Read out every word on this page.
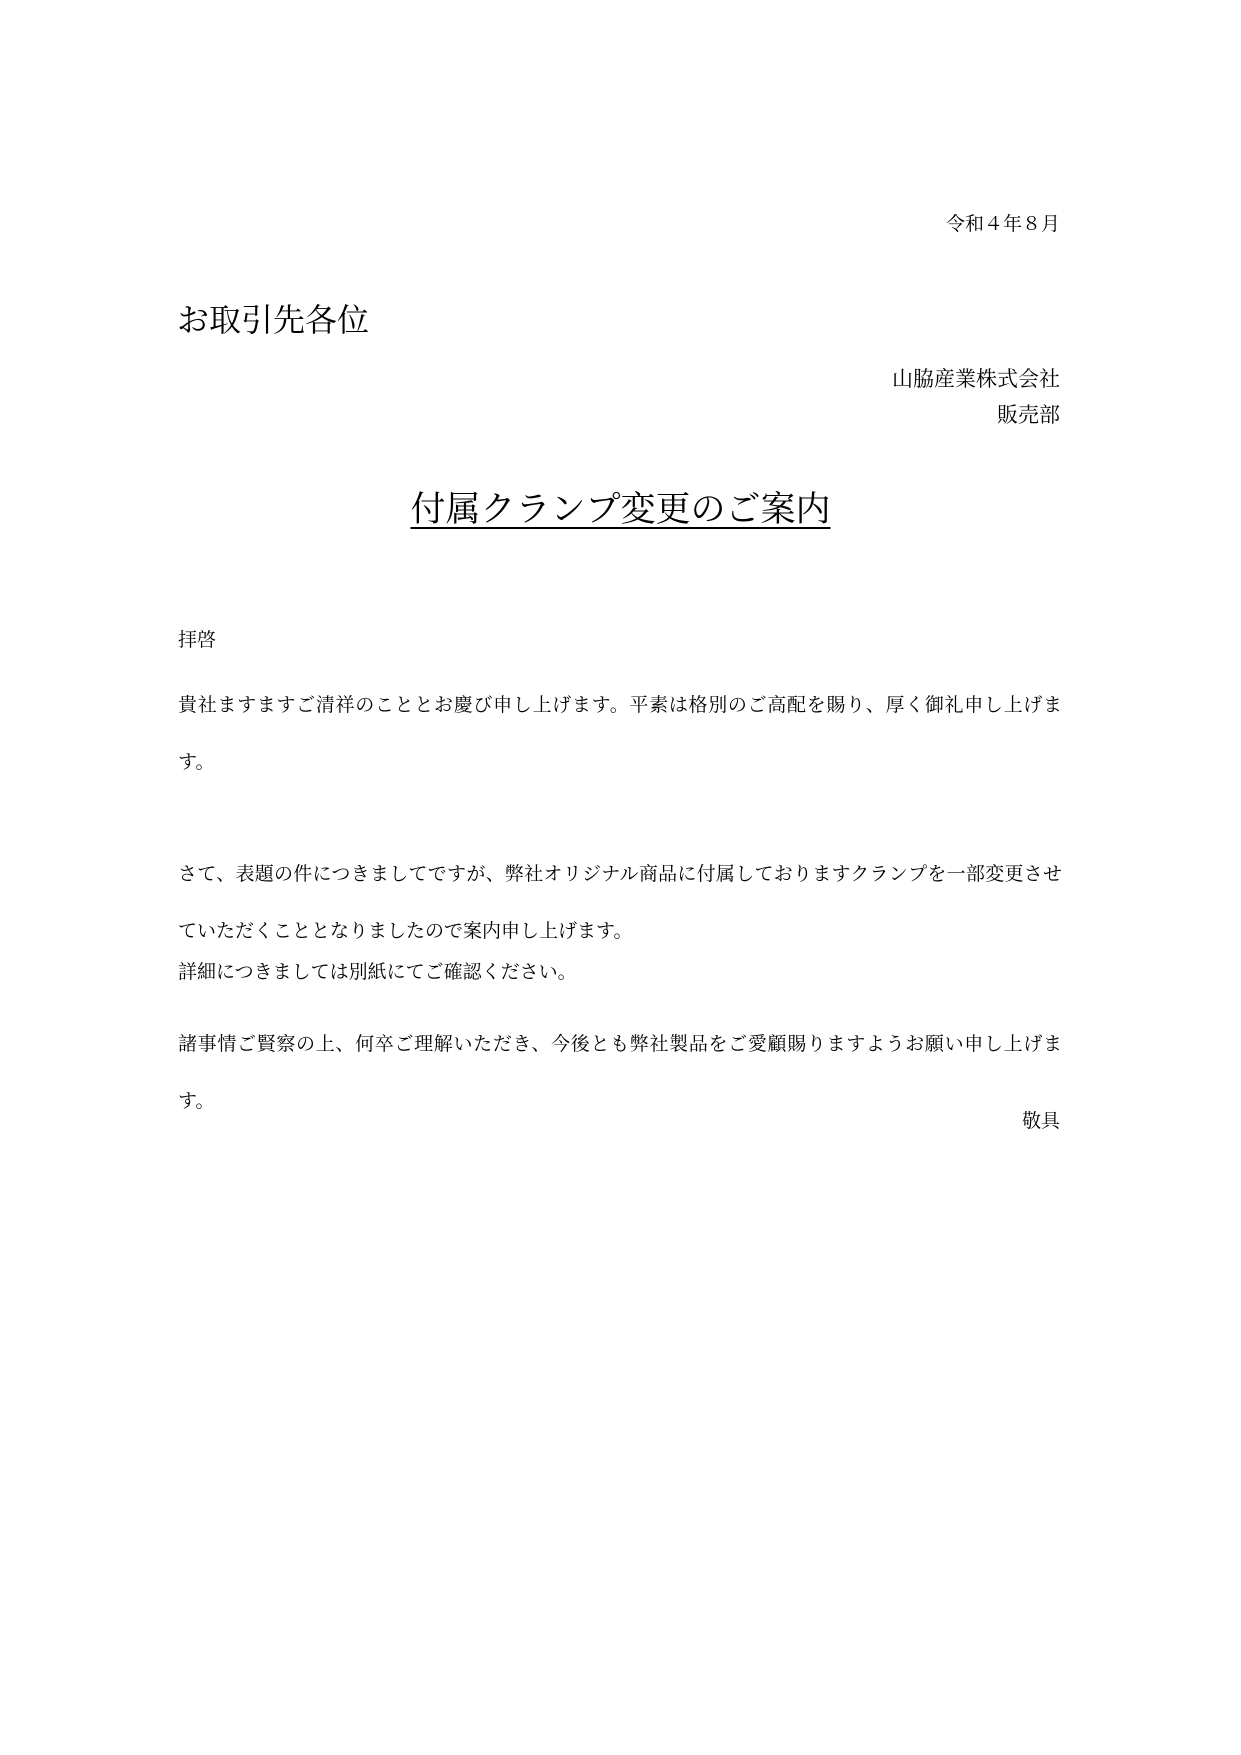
令和４年８月
お取引先各位
山脇産業株式会社
販売部
付属クランプ変更のご案内
拝啓
貴社ますますご清祥のこととお慶び申し上げます。平素は格別のご高配を賜り、厚く御礼申し上げます。
さて、表題の件につきましてですが、弊社オリジナル商品に付属しておりますクランプを一部変更させていただくこととなりましたので案内申し上げます。
詳細につきましては別紙にてご確認ください。
諸事情ご賢察の上、何卒ご理解いただき、今後とも弊社製品をご愛顧賜りますようお願い申し上げます。
敬具
